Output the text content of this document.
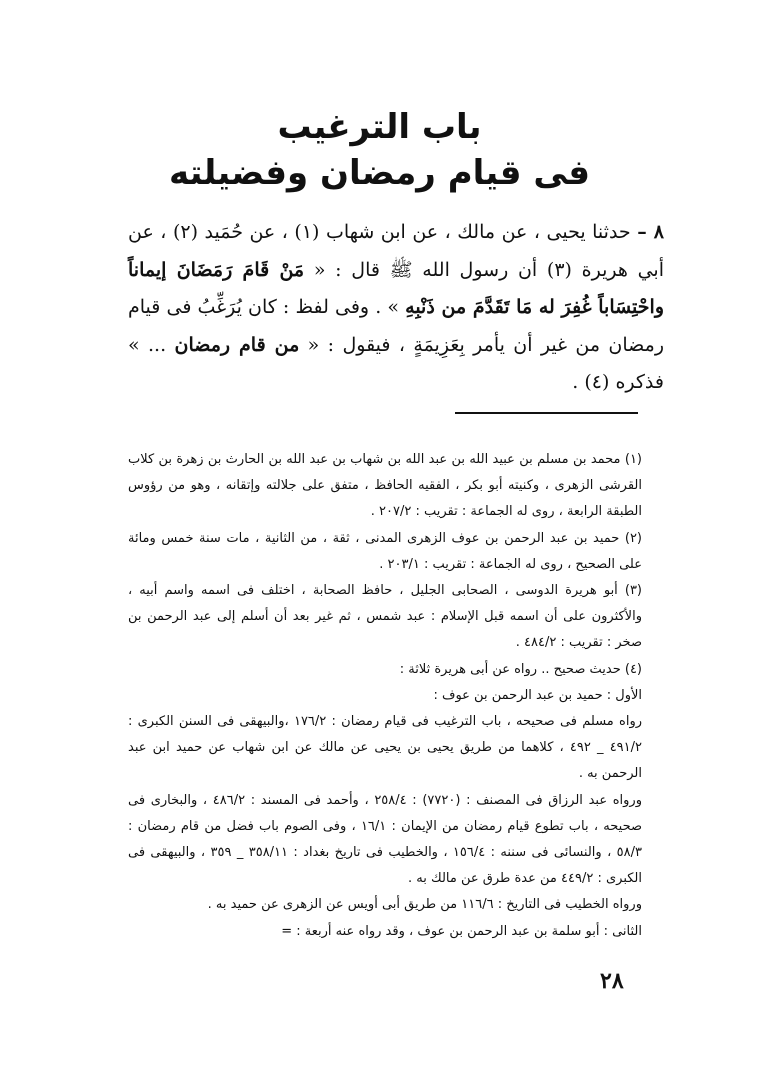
باب الترغيب
فى قيام رمضان وفضيلته
٨ – حدثنا يحيى ، عن مالك ، عن ابن شهاب (١) ، عن حُمَيد (٢) ، عن أبي هريرة (٣) أن رسول الله ﷺ قال : « مَنْ قَامَ رَمَضَانَ إيماناً واحْتِسَاباً غُفِرَ له مَا تَقَدَّمَ من ذَنْبِهِ » . وفى لفظ : كان يُرَغِّبُ فى قيام رمضان من غير أن يأمر بِعَزِيمَةٍ ، فيقول : « من قام رمضان ... » فذكره (٤) .

(١) محمد بن مسلم بن عبيد الله بن عبد الله بن شهاب بن عبد الله بن الحارث بن زهرة بن كلاب القرشى الزهرى ، وكنيته أبو بكر ، الفقيه الحافظ ، متفق على جلالته وإتقانه ، وهو من رؤوس الطبقة الرابعة ، روى له الجماعة : تقريب : ٢٠٧/٢ .

(٢) حميد بن عبد الرحمن بن عوف الزهرى المدنى ، ثقة ، من الثانية ، مات سنة خمس ومائة على الصحيح ، روى له الجماعة : تقريب : ٢٠٣/١ .

(٣) أبو هريرة الدوسى ، الصحابى الجليل ، حافظ الصحابة ، اختلف فى اسمه واسم أبيه ، والأكثرون على أن اسمه قبل الإسلام : عبد شمس ، ثم غير بعد أن أسلم إلى عبد الرحمن بن صخر : تقريب : ٤٨٤/٢ .

(٤) حديث صحيح .. رواه عن أبى هريرة ثلاثة :

الأول : حميد بن عبد الرحمن بن عوف :

رواه مسلم فى صحيحه ، باب الترغيب فى قيام رمضان : ١٧٦/٢ ،والبيهقى فى السنن الكبرى : ٤٩١/٢ _ ٤٩٢ ، كلاهما من طريق يحيى بن يحيى عن مالك عن ابن شهاب عن حميد ابن عبد الرحمن به .

ورواه عبد الرزاق فى المصنف : (٧٧٢٠) : ٢٥٨/٤ ، وأحمد فى المسند : ٤٨٦/٢ ، والبخارى فى صحيحه ، باب تطوع قيام رمضان من الإيمان : ١٦/١ ، وفى الصوم باب فضل من قام رمضان : ٥٨/٣ ، والنسائى فى سننه : ١٥٦/٤ ، والخطيب فى تاريخ بغداد : ٣٥٨/١١ _ ٣٥٩ ، والبيهقى فى الكبرى : ٤٤٩/٢ من عدة طرق عن مالك به .

ورواه الخطيب فى التاريخ : ١١٦/٦ من طريق أبى أويس عن الزهرى عن حميد به .

الثانى : أبو سلمة بن عبد الرحمن بن عوف ، وقد رواه عنه أربعة : =

٢٨
